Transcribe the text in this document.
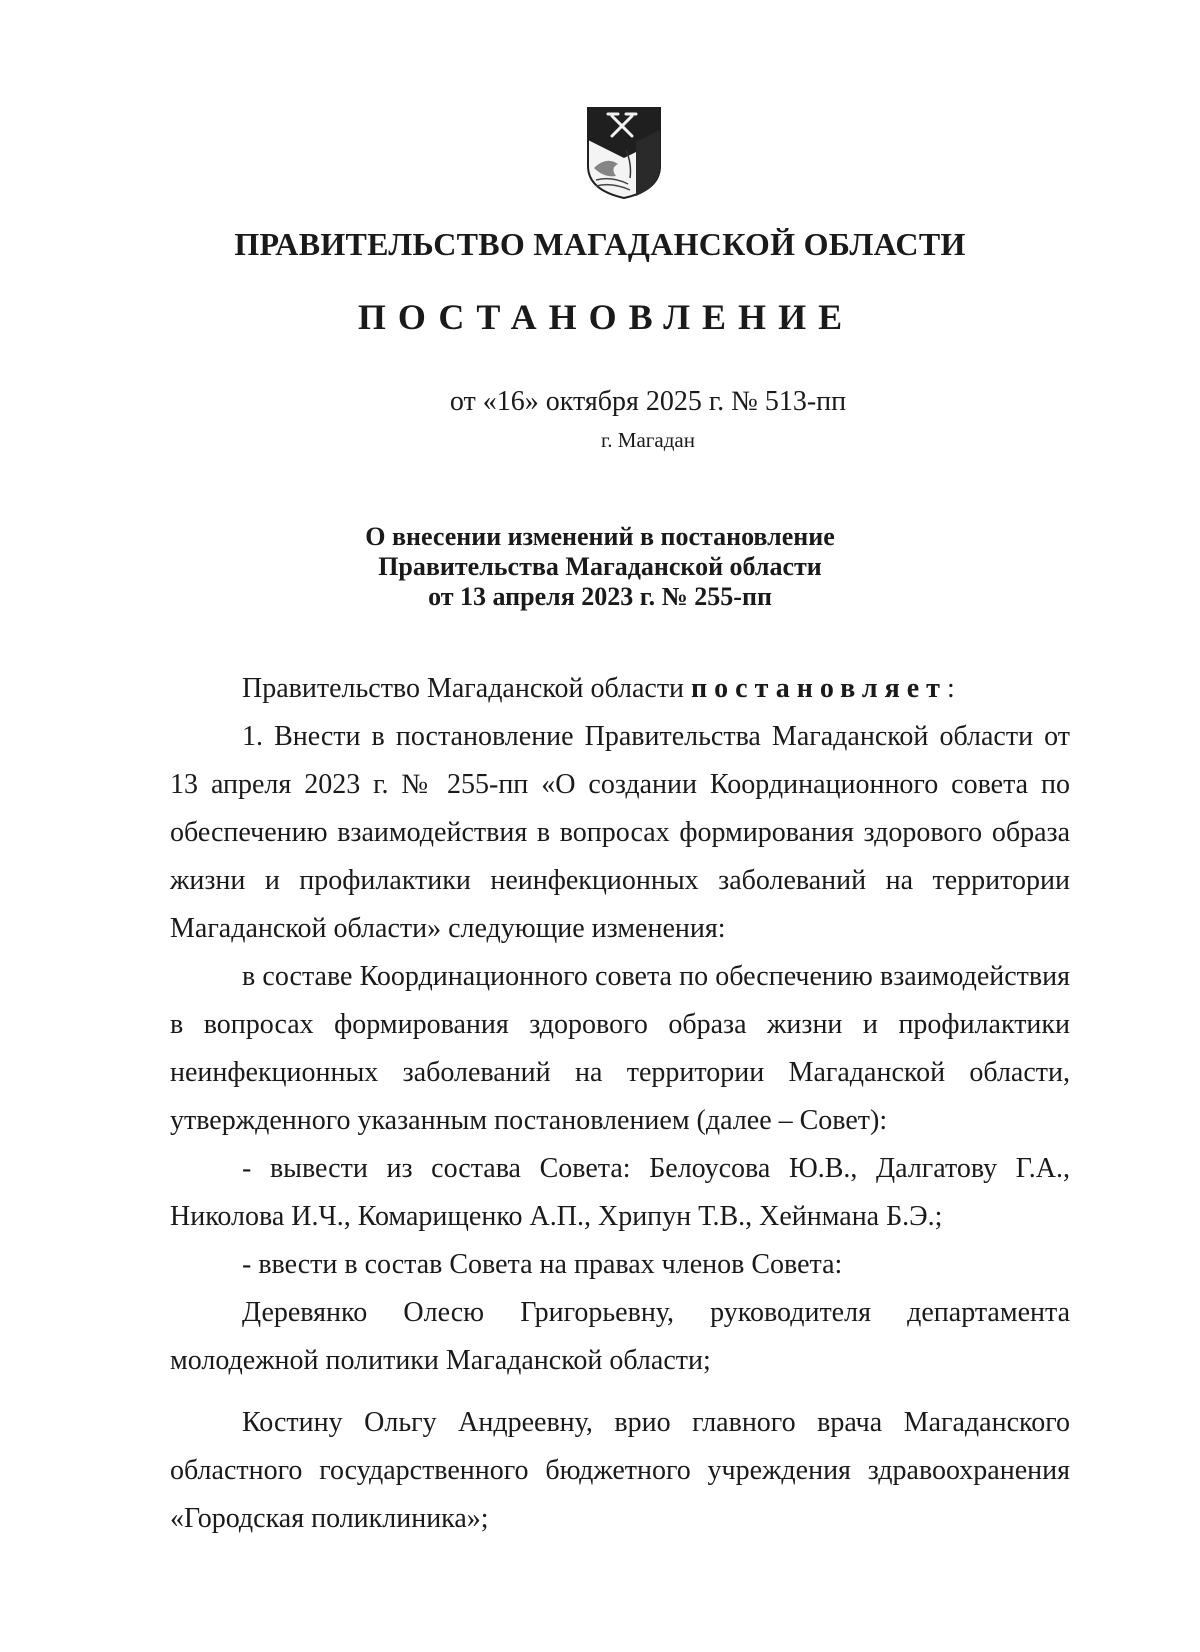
ПРАВИТЕЛЬСТВО МАГАДАНСКОЙ ОБЛАСТИ
ПОСТАНОВЛЕНИЕ
от «16» октября 2025 г. № 513-пп
г. Магадан
О внесении изменений в постановление
Правительства Магаданской области
от 13 апреля 2023 г. № 255-пп

Правительство Магаданской области постановляет:

1. Внести в постановление Правительства Магаданской области от 13 апреля 2023 г. № 255-пп «О создании Координационного совета по обеспечению взаимодействия в вопросах формирования здорового образа жизни и профилактики неинфекционных заболеваний на территории Магаданской области» следующие изменения:

в составе Координационного совета по обеспечению взаимодействия в вопросах формирования здорового образа жизни и профилактики неинфекционных заболеваний на территории Магаданской области, утвержденного указанным постановлением (далее – Совет):

- вывести из состава Совета: Белоусова Ю.В., Далгатову Г.А., Николова И.Ч., Комарищенко А.П., Хрипун Т.В., Хейнмана Б.Э.;

- ввести в состав Совета на правах членов Совета:

Деревянко Олесю Григорьевну, руководителя департамента молодежной политики Магаданской области;

Костину Ольгу Андреевну, врио главного врача Магаданского областного государственного бюджетного учреждения здравоохранения «Городская поликлиника»;
